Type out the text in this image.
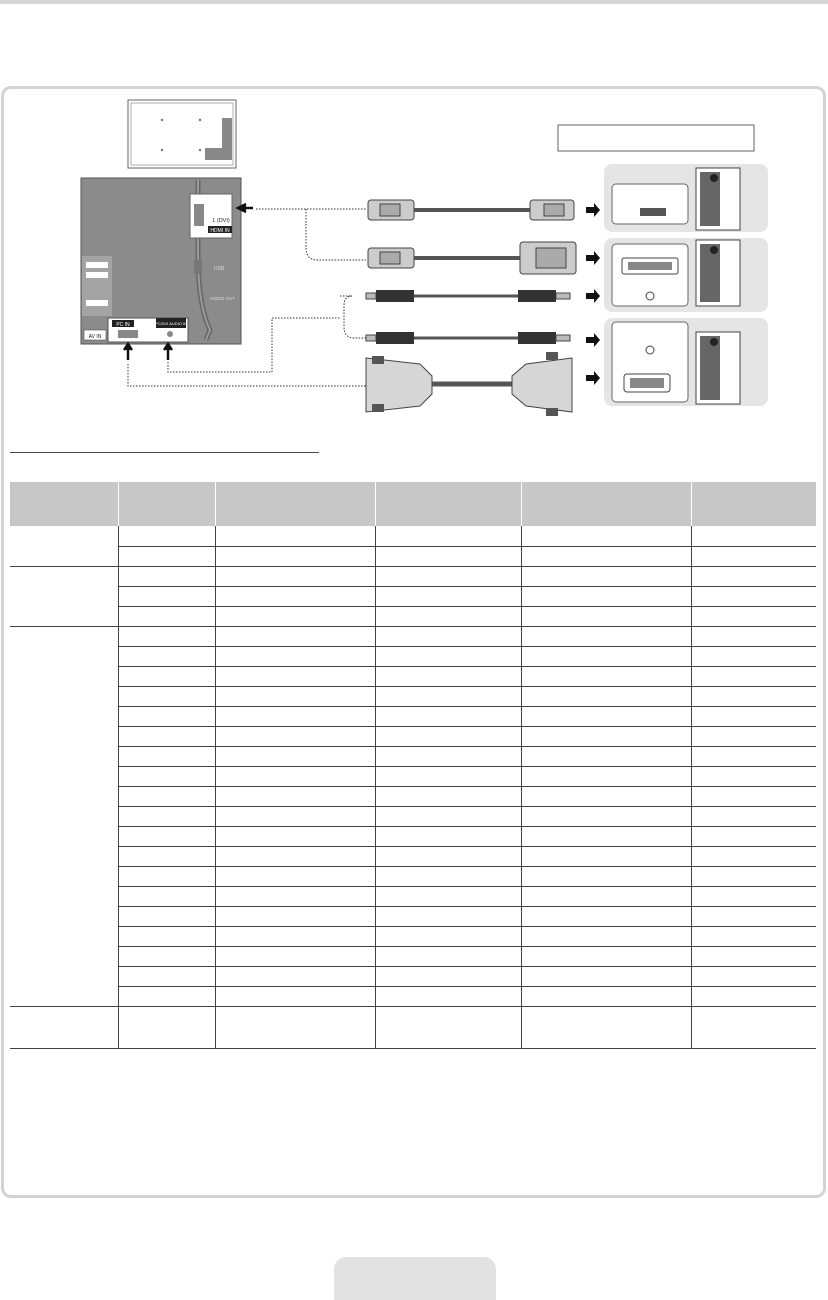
AV IN
1 (DVI)
HDMI IN
USB
AUDIO OUT
PC IN	PC/DVI AUDIO IN
